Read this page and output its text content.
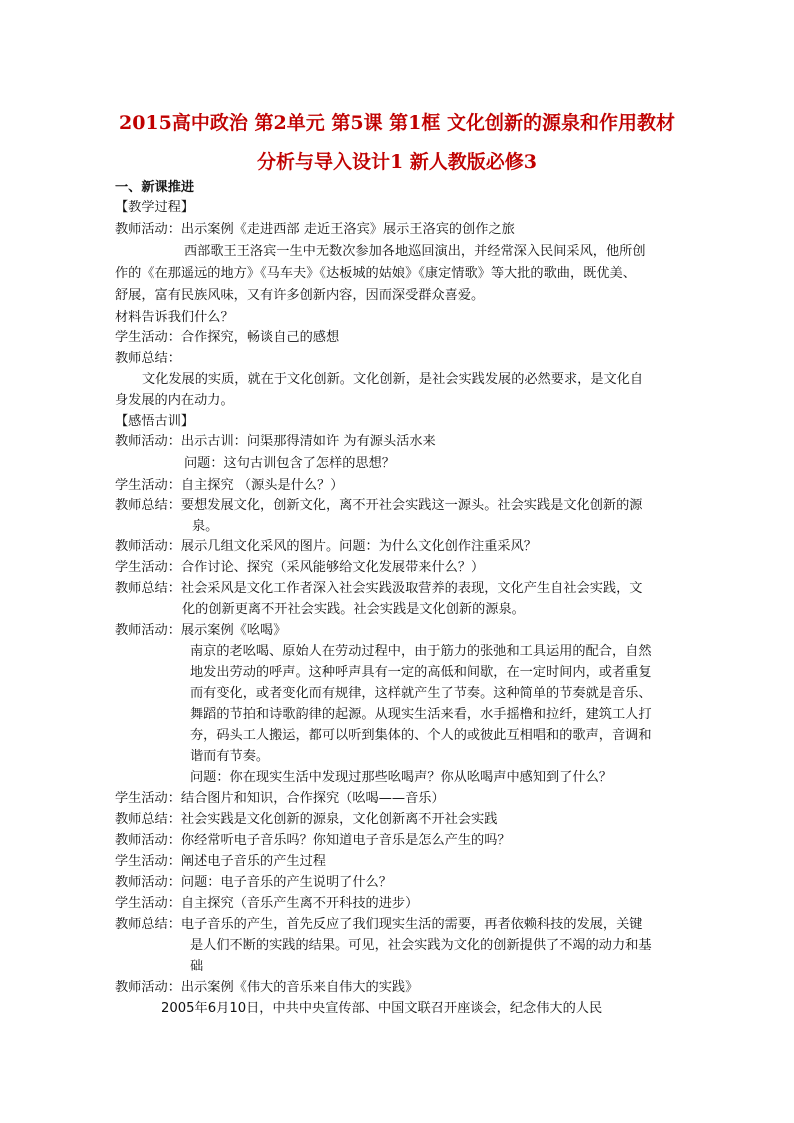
2015高中政治 第2单元 第5课 第1框 文化创新的源泉和作用教材
分析与导入设计1 新人教版必修3
一、新课推进
【教学过程】
教师活动：出示案例《走进西部 走近王洛宾》展示王洛宾的创作之旅
西部歌王王洛宾一生中无数次参加各地巡回演出，并经常深入民间采风，他所创
作的《在那遥远的地方》《马车夫》《达板城的姑娘》《康定情歌》等大批的歌曲，既优美、
舒展，富有民族风味，又有许多创新内容，因而深受群众喜爱。
材料告诉我们什么？
学生活动：合作探究，畅谈自己的感想
教师总结：
文化发展的实质，就在于文化创新。文化创新，是社会实践发展的必然要求，是文化自
身发展的内在动力。
【感悟古训】
教师活动：出示古训：问渠那得清如许 为有源头活水来
问题：这句古训包含了怎样的思想？
学生活动：自主探究 （源头是什么？）
教师总结：要想发展文化，创新文化，离不开社会实践这一源头。社会实践是文化创新的源
泉。
教师活动：展示几组文化采风的图片。问题：为什么文化创作注重采风？
学生活动：合作讨论、探究（采风能够给文化发展带来什么？）
教师总结：社会采风是文化工作者深入社会实践汲取营养的表现，文化产生自社会实践，文
化的创新更离不开社会实践。社会实践是文化创新的源泉。
教师活动：展示案例《吆喝》
南京的老吆喝、原始人在劳动过程中，由于筋力的张弛和工具运用的配合，自然
地发出劳动的呼声。这种呼声具有一定的高低和间歇，在一定时间内，或者重复
而有变化，或者变化而有规律，这样就产生了节奏。这种简单的节奏就是音乐、
舞蹈的节拍和诗歌韵律的起源。从现实生活来看，水手摇橹和拉纤，建筑工人打
夯，码头工人搬运，都可以听到集体的、个人的或彼此互相唱和的歌声，音调和
谐而有节奏。
问题：你在现实生活中发现过那些吆喝声？你从吆喝声中感知到了什么？
学生活动：结合图片和知识，合作探究（吆喝——音乐）
教师总结：社会实践是文化创新的源泉，文化创新离不开社会实践
教师活动：你经常听电子音乐吗？你知道电子音乐是怎么产生的吗？
学生活动：阐述电子音乐的产生过程
教师活动：问题：电子音乐的产生说明了什么？
学生活动：自主探究（音乐产生离不开科技的进步）
教师总结：电子音乐的产生，首先反应了我们现实生活的需要，再者依赖科技的发展，关键
是人们不断的实践的结果。可见，社会实践为文化的创新提供了不竭的动力和基
础
教师活动：出示案例《伟大的音乐来自伟大的实践》
2005年6月10日，中共中央宣传部、中国文联召开座谈会，纪念伟大的人民
